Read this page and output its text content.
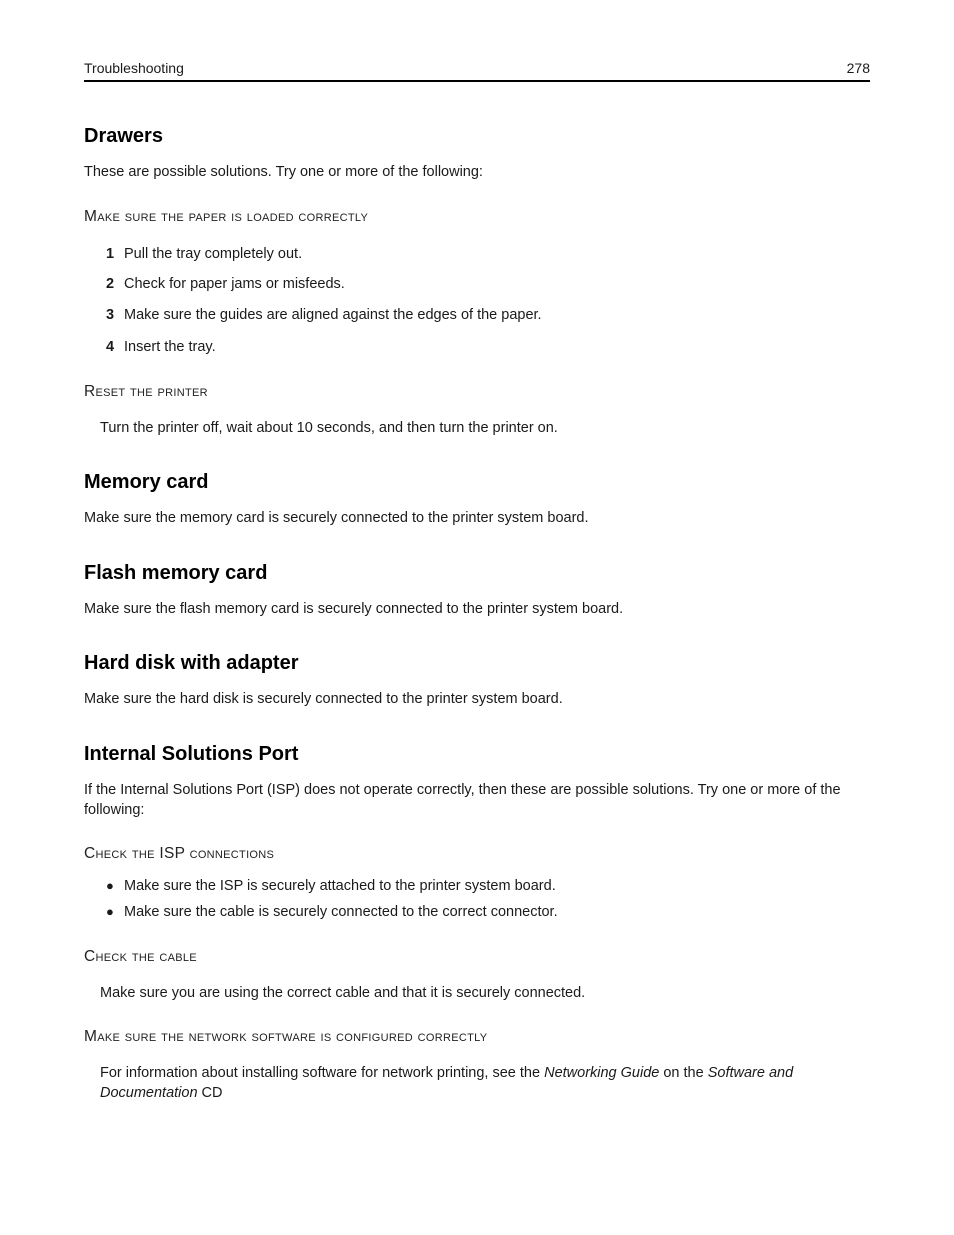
Troubleshooting	278
Drawers

These are possible solutions. Try one or more of the following:

Make sure the paper is loaded correctly

1 Pull the tray completely out.

2 Check for paper jams or misfeeds.

3 Make sure the guides are aligned against the edges of the paper.

4 Insert the tray.

Reset the printer

Turn the printer off, wait about 10 seconds, and then turn the printer on.

Memory card

Make sure the memory card is securely connected to the printer system board.

Flash memory card

Make sure the flash memory card is securely connected to the printer system board.

Hard disk with adapter

Make sure the hard disk is securely connected to the printer system board.

Internal Solutions Port

If the Internal Solutions Port (ISP) does not operate correctly, then these are possible solutions. Try one or more of the
following:

Check the ISP connections

● Make sure the ISP is securely attached to the printer system board.

● Make sure the cable is securely connected to the correct connector.

Check the cable

Make sure you are using the correct cable and that it is securely connected.

Make sure the network software is configured correctly

For information about installing software for network printing, see the Networking Guide on the Software and
Documentation CD
